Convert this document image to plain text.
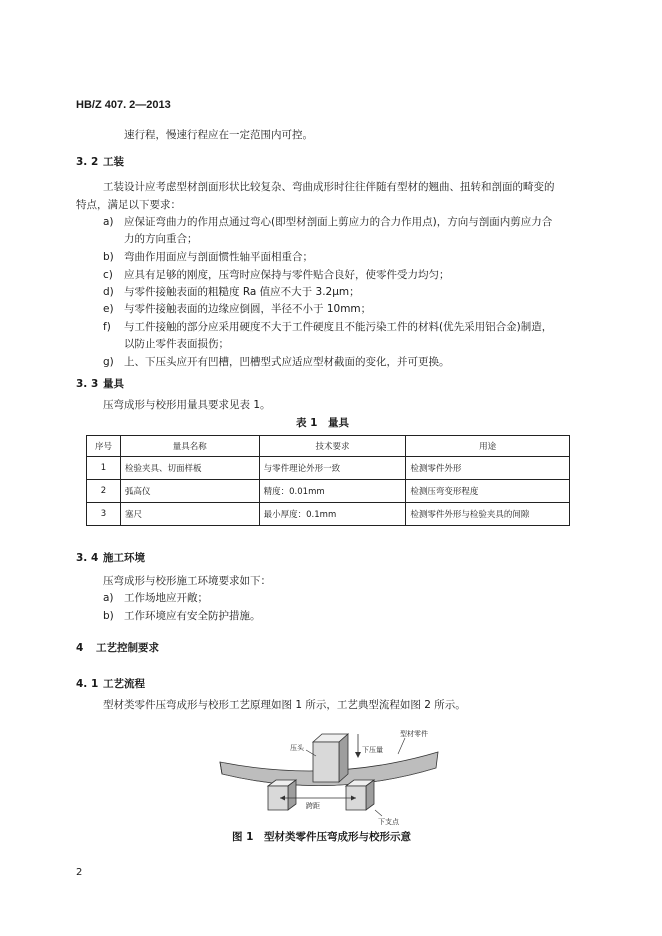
HB/Z 407. 2—2013
速行程，慢速行程应在一定范围内可控。
3. 2 工装
工装设计应考虑型材剖面形状比较复杂、弯曲成形时往往伴随有型材的翘曲、扭转和剖面的畸变的
特点，满足以下要求：
a) 应保证弯曲力的作用点通过弯心(即型材剖面上剪应力的合力作用点)，方向与剖面内剪应力合
力的方向重合；
b) 弯曲作用面应与剖面惯性轴平面相重合；
c) 应具有足够的刚度，压弯时应保持与零件贴合良好，使零件受力均匀；
d) 与零件接触表面的粗糙度 Ra 值应不大于 3.2μm；
e) 与零件接触表面的边缘应倒圆，半径不小于 10mm；
f) 与工件接触的部分应采用硬度不大于工件硬度且不能污染工件的材料(优先采用铝合金)制造，
以防止零件表面损伤；
g) 上、下压头应开有凹槽，凹槽型式应适应型材截面的变化，并可更换。
3. 3 量具
压弯成形与校形用量具要求见表 1。
表 1　量具
序号	量具名称	技术要求	用途
1	检验夹具、切面样板	与零件理论外形一致	检测零件外形
2	弧高仪	精度：0.01mm	检测压弯变形程度
3	塞尺	最小厚度：0.1mm	检测零件外形与检验夹具的间隙
3. 4 施工环境
压弯成形与校形施工环境要求如下：
a) 工作场地应开敞；
b) 工作环境应有安全防护措施。
4 工艺控制要求
4. 1 工艺流程
型材类零件压弯成形与校形工艺原理如图 1 所示，工艺典型流程如图 2 所示。
压头	下压量
型材零件
跨距
下支点
图 1　型材类零件压弯成形与校形示意
2
